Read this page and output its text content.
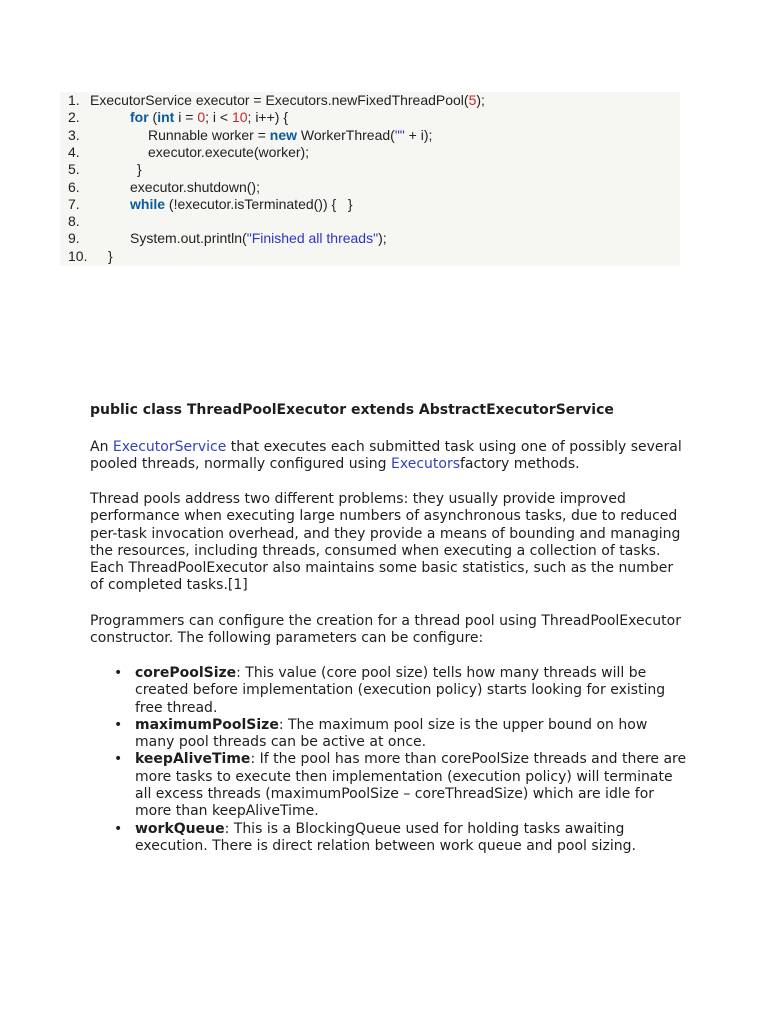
1. ExecutorService executor = Executors.newFixedThreadPool(5);
2.	for (int i = 0; i < 10; i++) {
3.	Runnable worker = new WorkerThread("" + i);
4.	executor.execute(worker);
5.	}
6.	executor.shutdown();
7.	while (!executor.isTerminated()) {   }
8.
9.	System.out.println("Finished all threads");
10.	}

public class ThreadPoolExecutor extends AbstractExecutorService

An ExecutorService that executes each submitted task using one of possibly several pooled threads, normally configured using Executorsfactory methods.

Thread pools address two different problems: they usually provide improved performance when executing large numbers of asynchronous tasks, due to reduced per-task invocation overhead, and they provide a means of bounding and managing the resources, including threads, consumed when executing a collection of tasks. Each ThreadPoolExecutor also maintains some basic statistics, such as the number of completed tasks.[1]

Programmers can configure the creation for a thread pool using ThreadPoolExecutor constructor. The following parameters can be configure:

• corePoolSize: This value (core pool size) tells how many threads will be created before implementation (execution policy) starts looking for existing free thread.
• maximumPoolSize: The maximum pool size is the upper bound on how many pool threads can be active at once.
• keepAliveTime: If the pool has more than corePoolSize threads and there are more tasks to execute then implementation (execution policy) will terminate all excess threads (maximumPoolSize – coreThreadSize) which are idle for more than keepAliveTime.
• workQueue: This is a BlockingQueue used for holding tasks awaiting execution. There is direct relation between work queue and pool sizing.
